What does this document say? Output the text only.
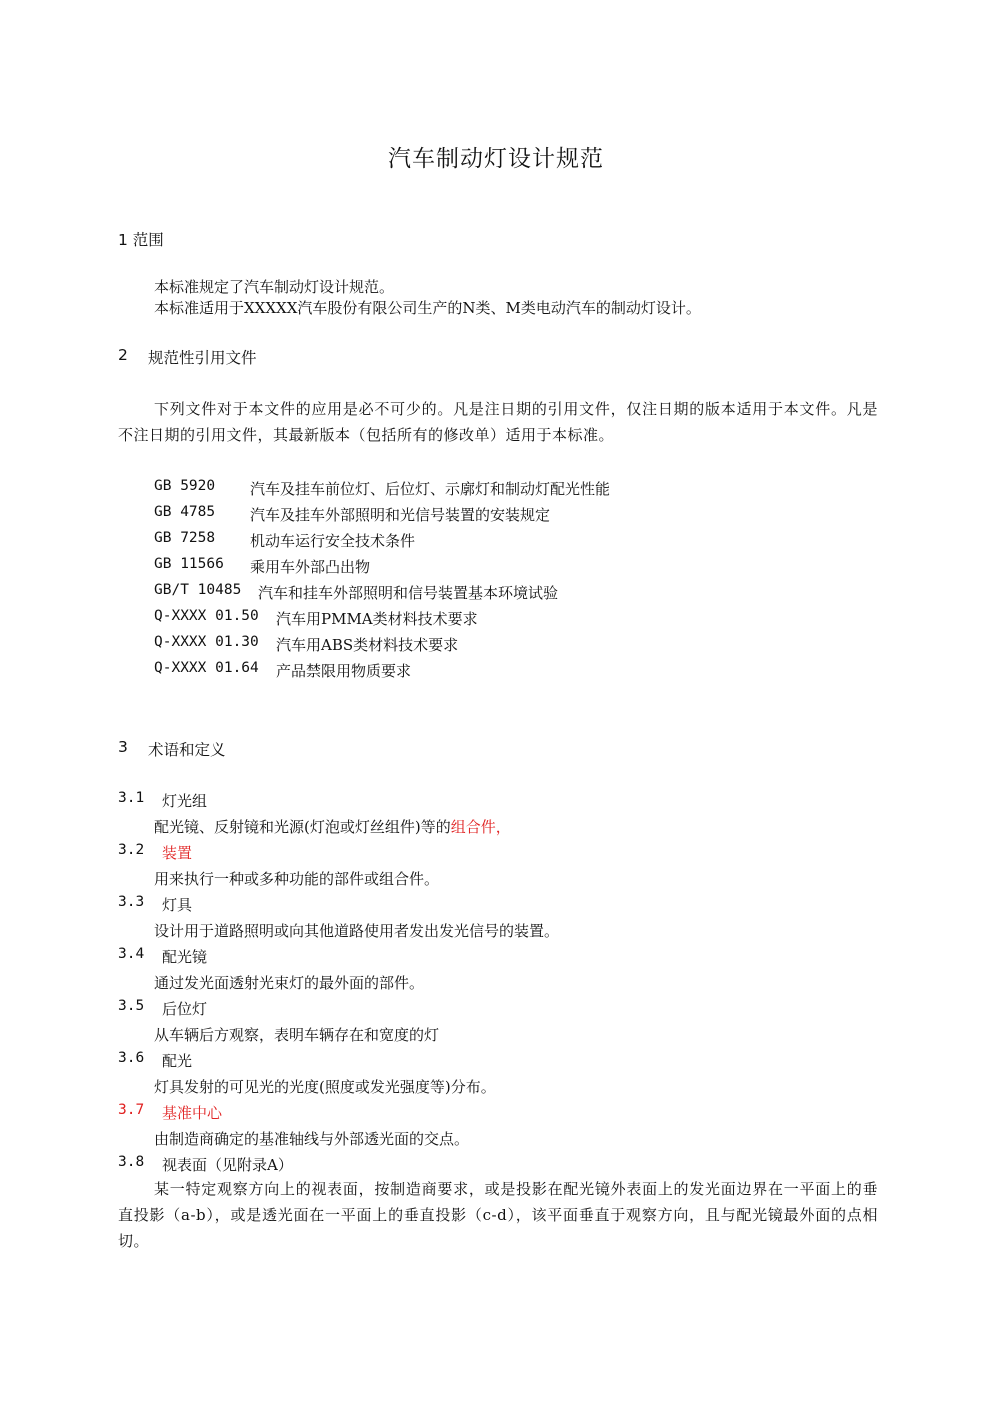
汽车制动灯设计规范
1 范围
本标准规定了汽车制动灯设计规范。
本标准适用于XXXXX汽车股份有限公司生产的N类、M类电动汽车的制动灯设计。
2 规范性引用文件
下列文件对于本文件的应用是必不可少的。凡是注日期的引用文件，仅注日期的版本适用于本文件。凡是不注日期的引用文件，其最新版本（包括所有的修改单）适用于本标准。
GB 5920 汽车及挂车前位灯、后位灯、示廓灯和制动灯配光性能
GB 4785 汽车及挂车外部照明和光信号装置的安装规定
GB 7258 机动车运行安全技术条件
GB 11566 乘用车外部凸出物
GB/T 10485 汽车和挂车外部照明和信号装置基本环境试验
Q-XXXX 01.50 汽车用PMMA类材料技术要求
Q-XXXX 01.30 汽车用ABS类材料技术要求
Q-XXXX 01.64 产品禁限用物质要求
3 术语和定义
3.1 灯光组
配光镜、反射镜和光源(灯泡或灯丝组件)等的组合件，
3.2 装置
用来执行一种或多种功能的部件或组合件。
3.3 灯具
设计用于道路照明或向其他道路使用者发出发光信号的装置。
3.4 配光镜
通过发光面透射光束灯的最外面的部件。
3.5 后位灯
从车辆后方观察，表明车辆存在和宽度的灯
3.6 配光
灯具发射的可见光的光度(照度或发光强度等)分布。
3.7 基准中心
由制造商确定的基准轴线与外部透光面的交点。
3.8 视表面（见附录A）
某一特定观察方向上的视表面，按制造商要求，或是投影在配光镜外表面上的发光面边界在一平面上的垂直投影（a-b），或是透光面在一平面上的垂直投影（c-d），该平面垂直于观察方向，且与配光镜最外面的点相切。
